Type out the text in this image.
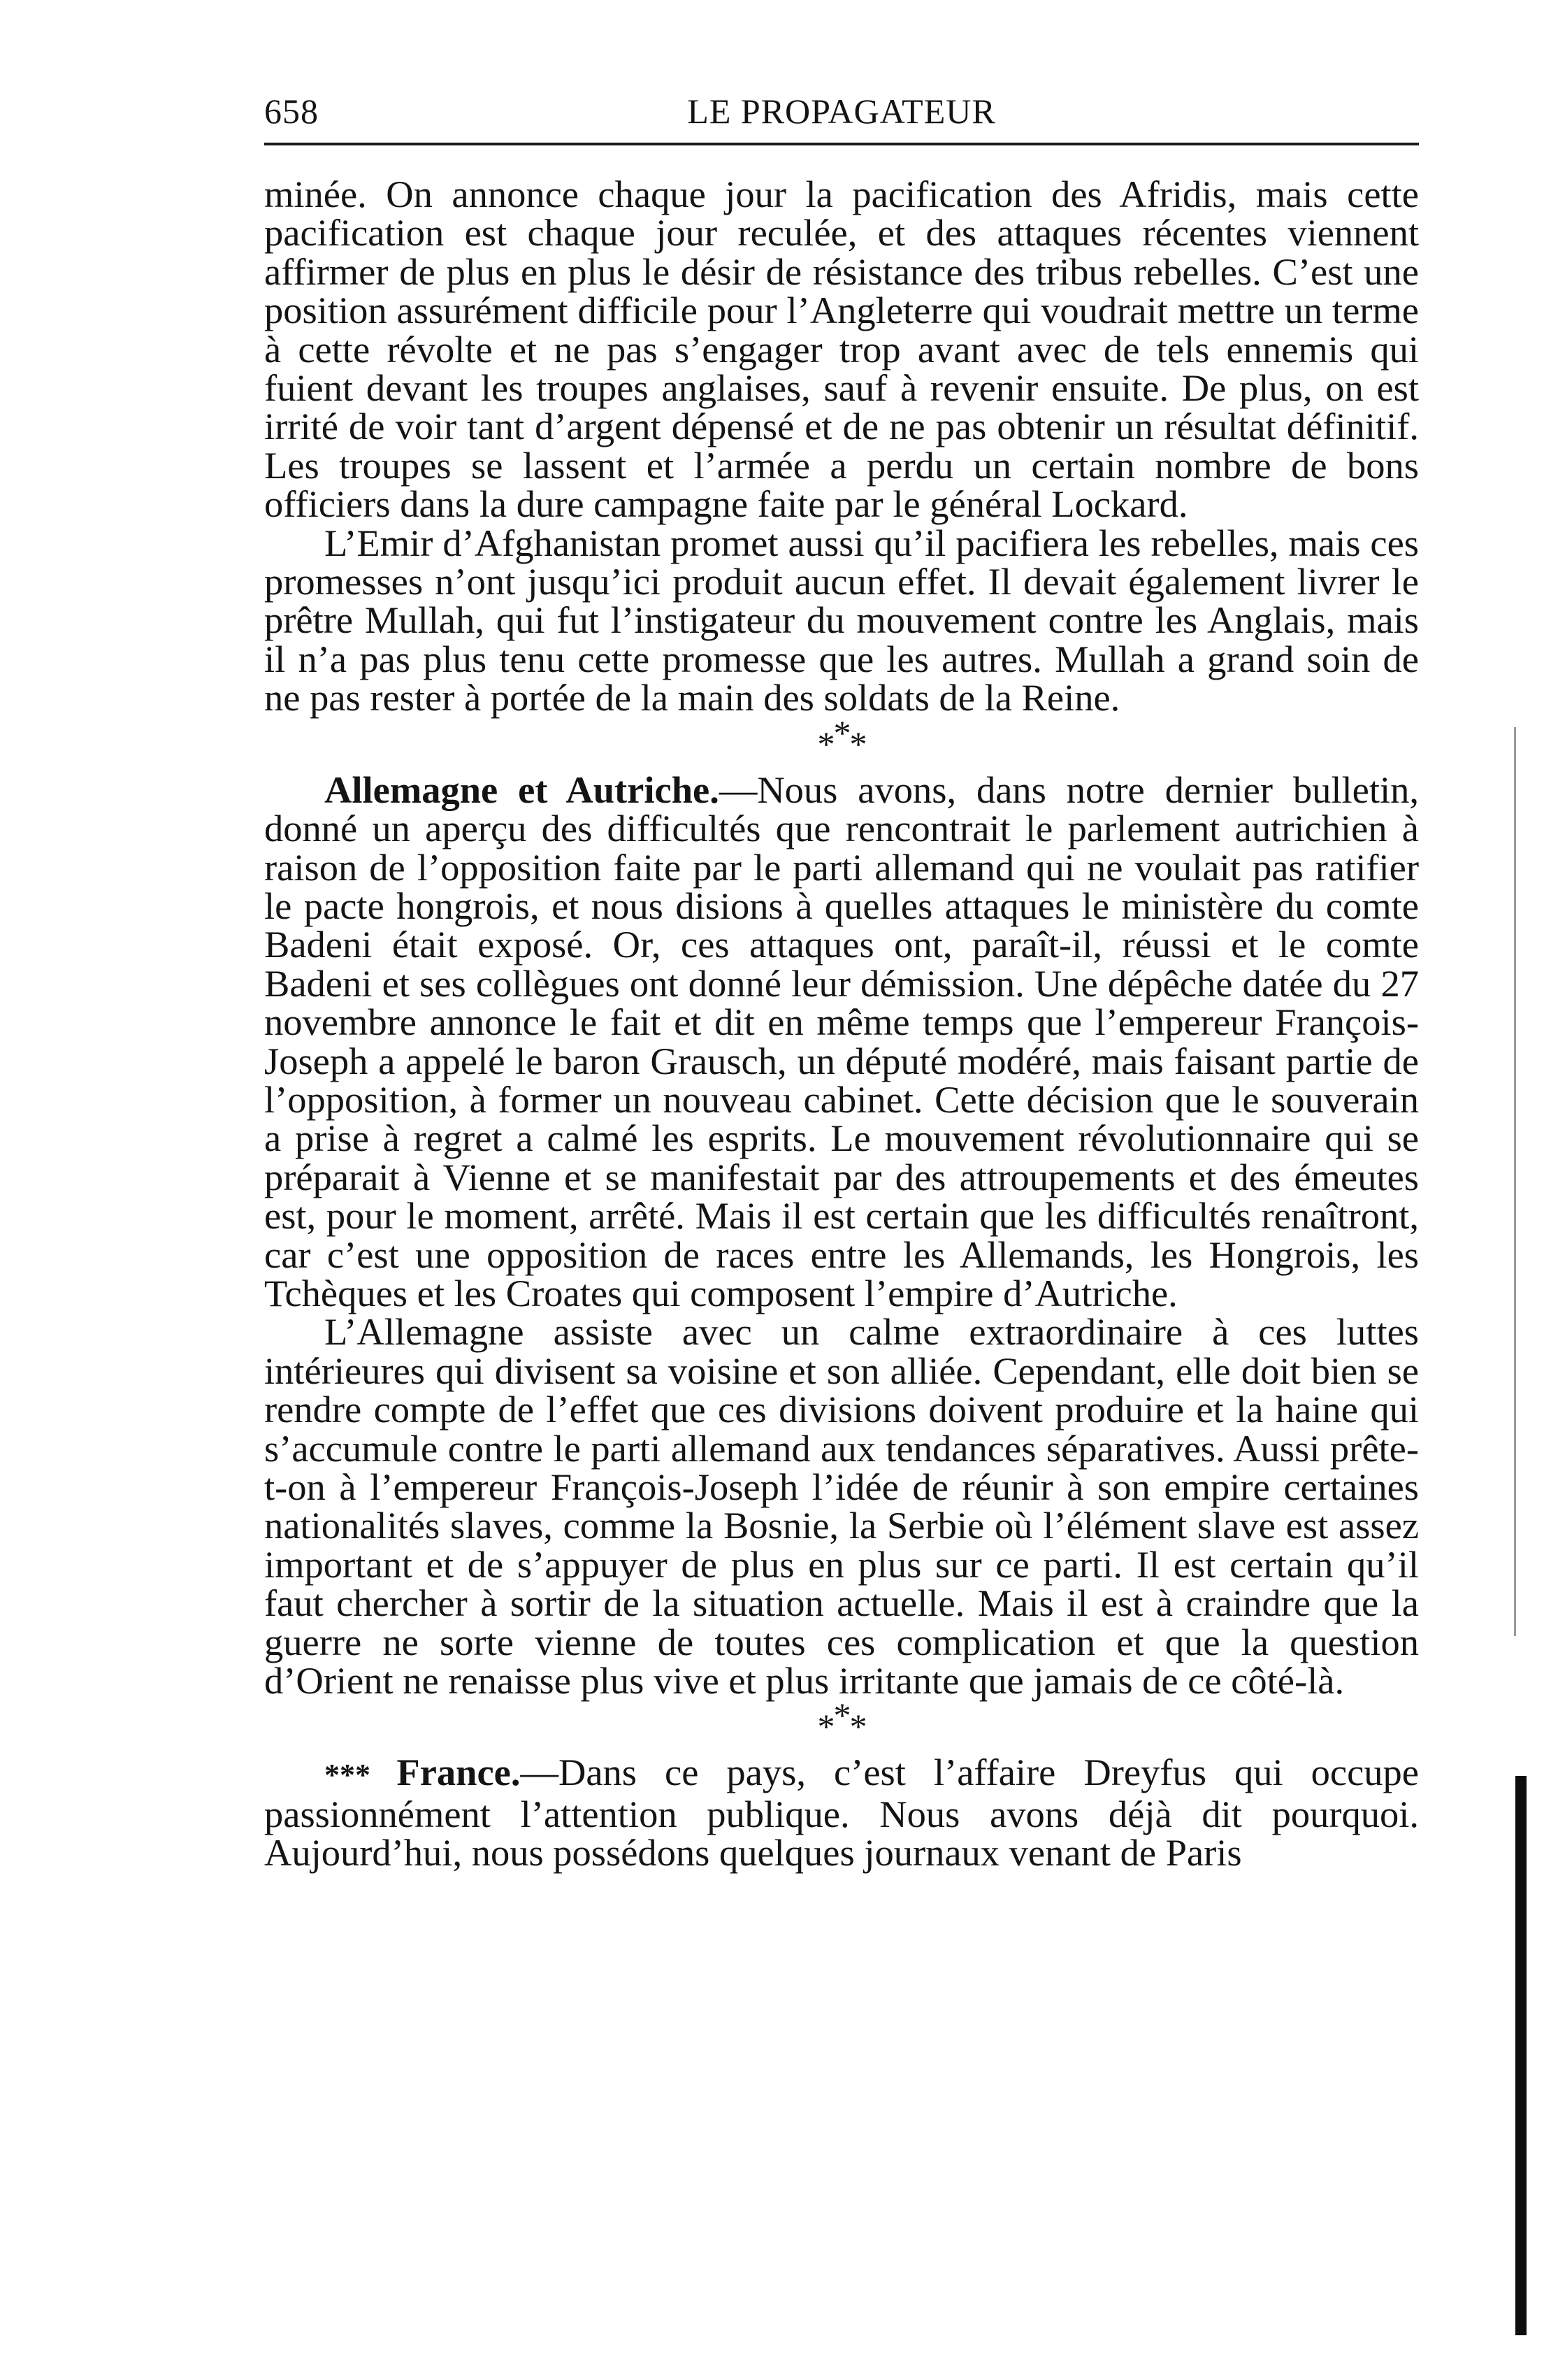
658	LE PROPAGATEUR

minée. On annonce chaque jour la pacification des Afridis, mais cette pacification est chaque jour reculée, et des attaques récentes viennent affirmer de plus en plus le désir de résistance des tribus rebelles. C’est une position assurément difficile pour l’Angleterre qui voudrait mettre un terme à cette révolte et ne pas s’engager trop avant avec de tels ennemis qui fuient devant les troupes anglaises, sauf à revenir ensuite. De plus, on est irrité de voir tant d’argent dépensé et de ne pas obtenir un résultat définitif. Les troupes se lassent et l’armée a perdu un certain nombre de bons officiers dans la dure campagne faite par le général Lockard.

L’Emir d’Afghanistan promet aussi qu’il pacifiera les rebelles, mais ces promesses n’ont jusqu’ici produit aucun effet. Il devait également livrer le prêtre Mullah, qui fut l’instigateur du mouvement contre les Anglais, mais il n’a pas plus tenu cette promesse que les autres. Mullah a grand soin de ne pas rester à portée de la main des soldats de la Reine.

***

Allemagne et Autriche.—Nous avons, dans notre dernier bulletin, donné un aperçu des difficultés que rencontrait le parlement autrichien à raison de l’opposition faite par le parti allemand qui ne voulait pas ratifier le pacte hongrois, et nous disions à quelles attaques le ministère du comte Badeni était exposé. Or, ces attaques ont, paraît-il, réussi et le comte Badeni et ses collègues ont donné leur démission. Une dépêche datée du 27 novembre annonce le fait et dit en même temps que l’empereur François-Joseph a appelé le baron Grausch, un député modéré, mais faisant partie de l’opposition, à former un nouveau cabinet. Cette décision que le souverain a prise à regret a calmé les esprits. Le mouvement révolutionnaire qui se préparait à Vienne et se manifestait par des attroupements et des émeutes est, pour le moment, arrêté. Mais il est certain que les difficultés renaîtront, car c’est une opposition de races entre les Allemands, les Hongrois, les Tchèques et les Croates qui composent l’empire d’Autriche.

L’Allemagne assiste avec un calme extraordinaire à ces luttes intérieures qui divisent sa voisine et son alliée. Cependant, elle doit bien se rendre compte de l’effet que ces divisions doivent produire et la haine qui s’accumule contre le parti allemand aux tendances séparatives. Aussi prête-t-on à l’empereur François-Joseph l’idée de réunir à son empire certaines nationalités slaves, comme la Bosnie, la Serbie où l’élément slave est assez important et de s’appuyer de plus en plus sur ce parti. Il est certain qu’il faut chercher à sortir de la situation actuelle. Mais il est à craindre que la guerre ne sorte vienne de toutes ces complication et que la question d’Orient ne renaisse plus vive et plus irritante que jamais de ce côté-là.

***

*** France.—Dans ce pays, c’est l’affaire Dreyfus qui occupe passionnément l’attention publique. Nous avons déjà dit pourquoi. Aujourd’hui, nous possédons quelques journaux venant de Paris
